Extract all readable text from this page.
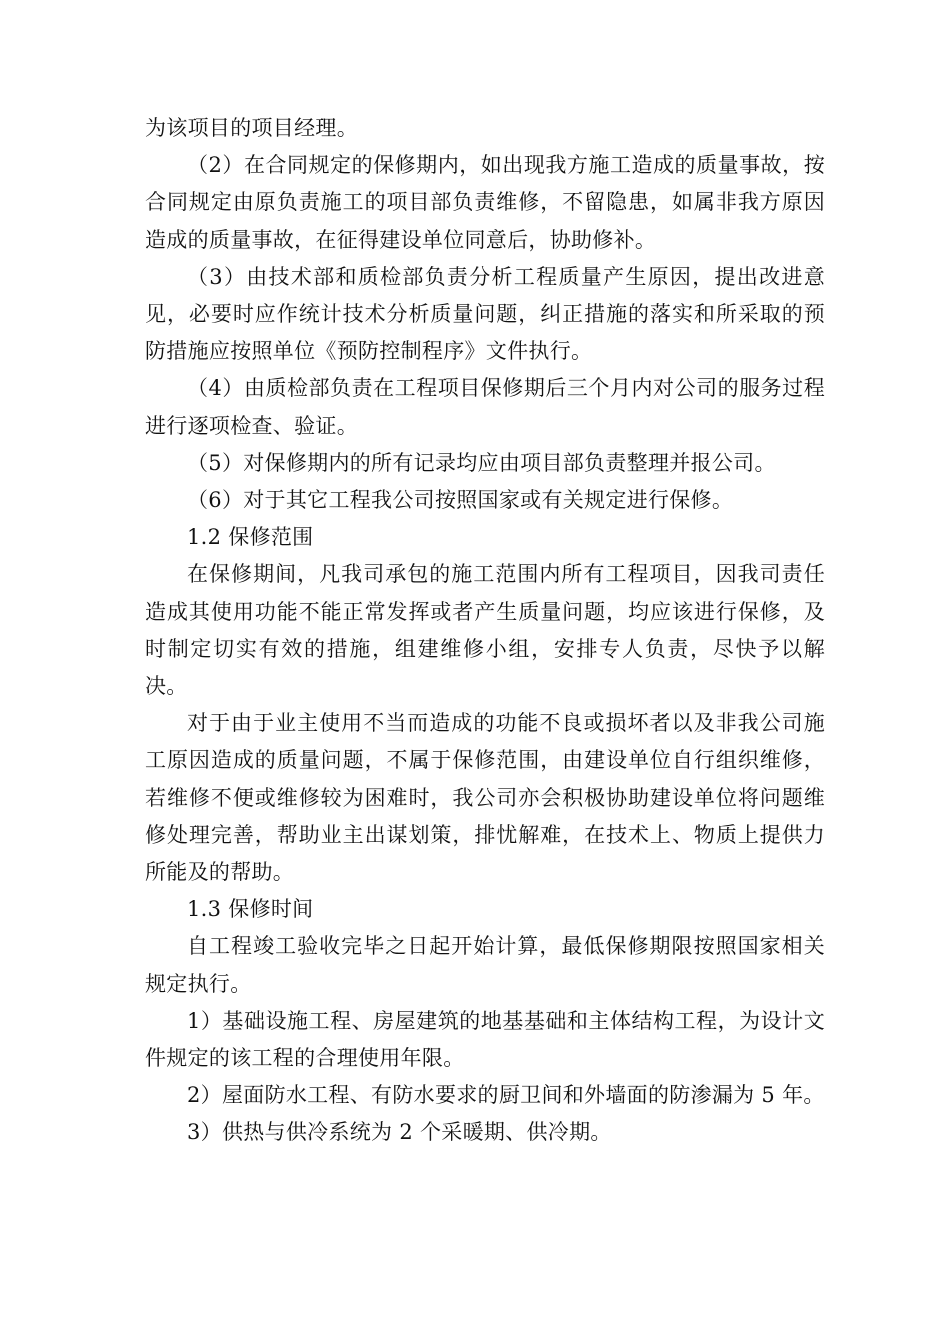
为该项目的项目经理。

（2）在合同规定的保修期内，如出现我方施工造成的质量事故，按合同规定由原负责施工的项目部负责维修，不留隐患，如属非我方原因造成的质量事故，在征得建设单位同意后，协助修补。

（3）由技术部和质检部负责分析工程质量产生原因，提出改进意见，必要时应作统计技术分析质量问题，纠正措施的落实和所采取的预防措施应按照单位《预防控制程序》文件执行。

（4）由质检部负责在工程项目保修期后三个月内对公司的服务过程进行逐项检查、验证。

（5）对保修期内的所有记录均应由项目部负责整理并报公司。

（6）对于其它工程我公司按照国家或有关规定进行保修。

1.2 保修范围

在保修期间，凡我司承包的施工范围内所有工程项目，因我司责任造成其使用功能不能正常发挥或者产生质量问题，均应该进行保修，及时制定切实有效的措施，组建维修小组，安排专人负责，尽快予以解决。

对于由于业主使用不当而造成的功能不良或损坏者以及非我公司施工原因造成的质量问题，不属于保修范围，由建设单位自行组织维修，若维修不便或维修较为困难时，我公司亦会积极协助建设单位将问题维修处理完善，帮助业主出谋划策，排忧解难，在技术上、物质上提供力所能及的帮助。

1.3 保修时间

自工程竣工验收完毕之日起开始计算，最低保修期限按照国家相关规定执行。

1）基础设施工程、房屋建筑的地基基础和主体结构工程，为设计文件规定的该工程的合理使用年限。

2）屋面防水工程、有防水要求的厨卫间和外墙面的防渗漏为 5 年。

3）供热与供冷系统为 2 个采暖期、供冷期。
